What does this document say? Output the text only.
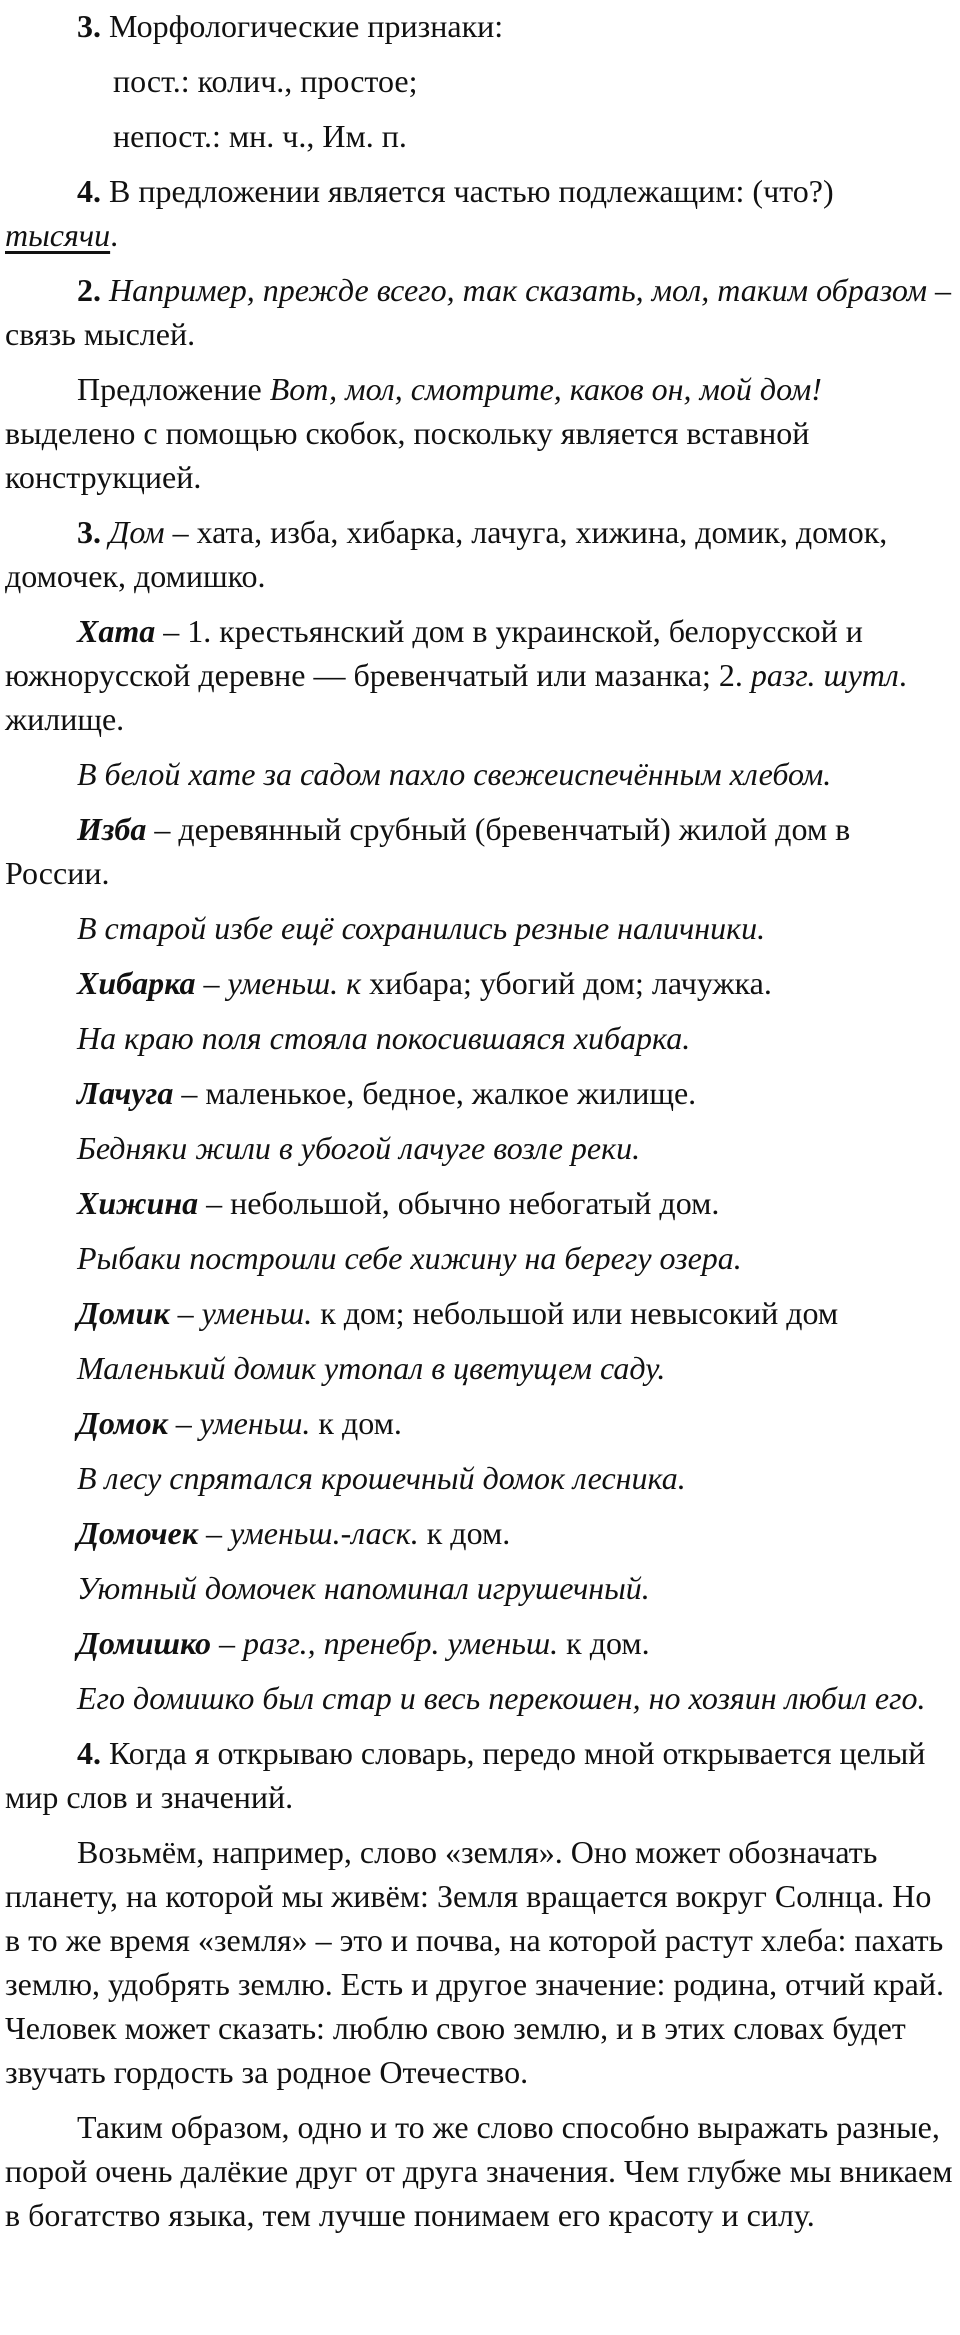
3. Морфологические признаки:

пост.: колич., простое;

непост.: мн. ч., Им. п.

4. В предложении является частью подлежащим: (что?) тысячи.

2. Например, прежде всего, так сказать, мол, таким образом – связь мыслей.

Предложение Вот, мол, смотрите, каков он, мой дом! выделено с помощью скобок, поскольку является вставной конструкцией.

3. Дом – хата, изба, хибарка, лачуга, хижина, домик, домок, домочек, домишко.

Хата – 1. крестьянский дом в украинской, белорусской и южнорусской деревне — бревенчатый или мазанка; 2. разг. шутл. жилище.

В белой хате за садом пахло свежеиспечённым хлебом.

Изба – деревянный срубный (бревенчатый) жилой дом в России.

В старой избе ещё сохранились резные наличники.

Хибарка – уменьш. к хибара; убогий дом; лачужка.

На краю поля стояла покосившаяся хибарка.

Лачуга – маленькое, бедное, жалкое жилище.

Бедняки жили в убогой лачуге возле реки.

Хижина – небольшой, обычно небогатый дом.

Рыбаки построили себе хижину на берегу озера.

Домик – уменьш. к дом; небольшой или невысокий дом

Маленький домик утопал в цветущем саду.

Домок – уменьш. к дом.

В лесу спрятался крошечный домок лесника.

Домочек – уменьш.-ласк. к дом.

Уютный домочек напоминал игрушечный.

Домишко – разг., пренебр. уменьш. к дом.

Его домишко был стар и весь перекошен, но хозяин любил его.

4. Когда я открываю словарь, передо мной открывается целый мир слов и значений.

Возьмём, например, слово «земля». Оно может обозначать планету, на которой мы живём: Земля вращается вокруг Солнца. Но в то же время «земля» – это и почва, на которой растут хлеба: пахать землю, удобрять землю. Есть и другое значение: родина, отчий край. Человек может сказать: люблю свою землю, и в этих словах будет звучать гордость за родное Отечество.

Таким образом, одно и то же слово способно выражать разные, порой очень далёкие друг от друга значения. Чем глубже мы вникаем в богатство языка, тем лучше понимаем его красоту и силу.
